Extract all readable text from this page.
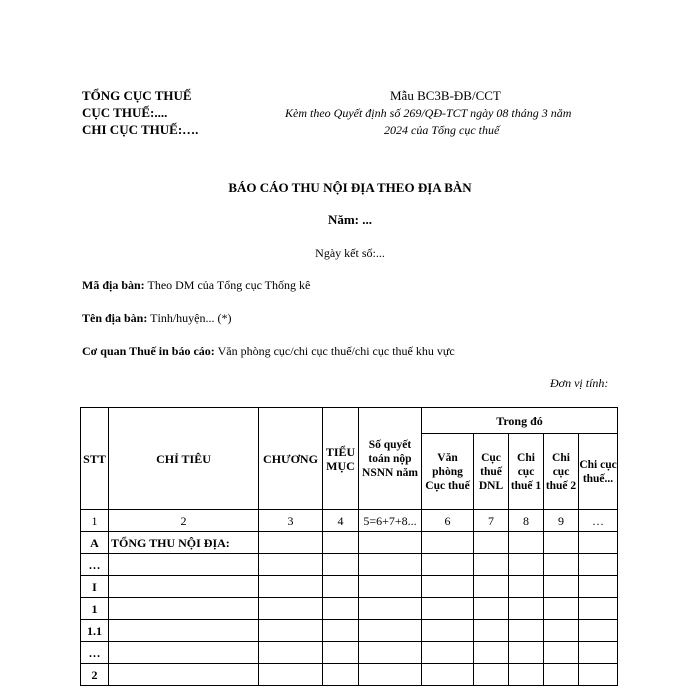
TỔNG CỤC THUẾ
CỤC THUẾ:....
CHI CỤC THUẾ:….
Mẫu BC3B-ĐB/CCT
Kèm theo Quyết định số 269/QĐ-TCT ngày 08 tháng 3 năm
2024 của Tổng cục thuế
BÁO CÁO THU NỘI ĐỊA THEO ĐỊA BÀN
Năm: ...
Ngày kết số:...
Mã địa bàn: Theo DM của Tổng cục Thống kê
Tên địa bàn: Tỉnh/huyện... (*)
Cơ quan Thuế in báo cáo: Văn phòng cục/chi cục thuế/chi cục thuế khu vực
Đơn vị tính:
STT	CHỈ TIÊU	CHƯƠNG	TIỂU MỤC	Số quyết toán nộp NSNN năm	Trong đó				
					Văn phòng Cục thuế	Cục thuế DNL	Chi cục thuế 1	Chi cục thuế 2	Chi cục thuế...
1	2	3	4	5=6+7+8...	6	7	8	9	…
A	TỔNG THU NỘI ĐỊA:								
…									
I									
1									
1.1									
…									
2									
